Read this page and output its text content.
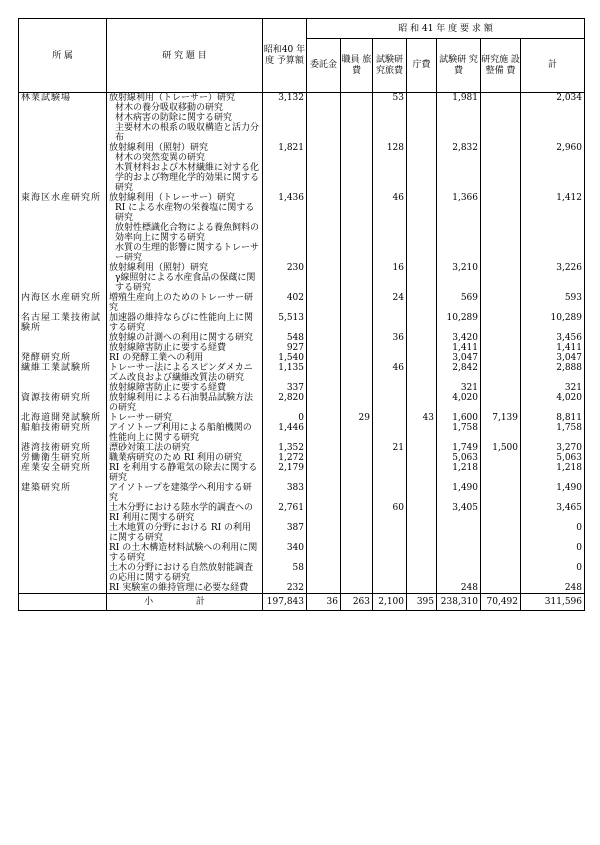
所 属	研 究 題 目	昭和40 年 度 予算額	昭 和 41 年 度 要 求 額						
			委託金	職員 旅費	試験研 究旅費	庁費	試験研 究 費	研究施 設整備 費	計
林業試験場	放射線利用（トレーサー）研究	3,132			53		1,981		2,034
	材木の養分吸収移動の研究								
	材木病害の防除に関する研究								
	主要材木の根系の吸収構造と活力分布								
	放射線利用（照射）研究	1,821			128		2,832		2,960
	材木の突然変異の研究								
	木質材料および木材繊維に対する化学的および物理化学的効果に関する研究								
東海区水産研究所	放射線利用（トレーサー）研究	1,436			46		1,366		1,412
	RI による水産物の栄養塩に関する研究								
	放射性標識化合物による養魚飼料の効率向上に関する研究								
	水質の生理的影響に関するトレーサー研究								
	放射線利用（照射）研究	230			16		3,210		3,226
	γ線照射による水産食品の保蔵に関する研究								
内海区水産研究所	増殖生産向上のためのトレーサー研究	402			24		569		593
名古屋工業技術試験所	加速器の維持ならびに性能向上に関する研究	5,513					10,289		10,289
	放射線の計測への利用に関する研究	548			36		3,420		3,456
	放射線障害防止に要する経費	927					1,411		1,411
発酵研究所	RI の発酵工業への利用	1,540					3,047		3,047
繊維工業試験所	トレーサー法によるスピンダメカニズム改良および繊維改質法の研究	1,135			46		2,842		2,888
	放射線障害防止に要する経費	337					321		321
資源技術研究所	放射線利用による石油製品試験方法の研究	2,820					4,020		4,020
北海道開発試験所	トレーサー研究	0		29		43	1,600	7,139	8,811
船舶技術研究所	アイソトープ利用による船舶機関の性能向上に関する研究	1,446					1,758		1,758
港湾技術研究所	漂砂対策工法の研究	1,352			21		1,749	1,500	3,270
労働衛生研究所	職業病研究のため RI 利用の研究	1,272					5,063		5,063
産業安全研究所	RI を利用する静電気の除去に関する研究	2,179					1,218		1,218
建築研究所	アイソトープを建築学へ利用する研究	383					1,490		1,490
	土木分野における陸水学的調査への RI 利用に関する研究	2,761			60		3,405		3,465
	土木地質の分野における RI の利用に関する研究	387							0
	RI の土木構造材料試験への利用に関する研究	340							0
	土木の分野における自然放射能調査の応用に関する研究	58							0
	RI 実験室の維持管理に必要な経費	232					248		248
	小 計	197,843	36	263	2,100	395	238,310	70,492	311,596
